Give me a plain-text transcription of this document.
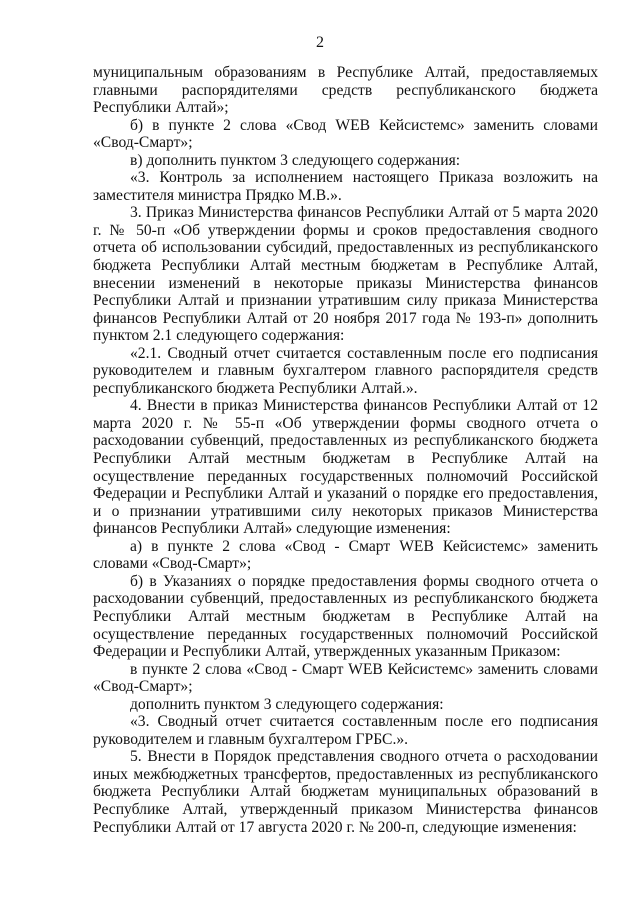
2

муниципальным образованиям в Республике Алтай, предоставляемых главными распорядителями средств республиканского бюджета Республики Алтай»;

б) в пункте 2 слова «Свод WEB Кейсистемс» заменить словами «Свод-Смарт»;

в) дополнить пунктом 3 следующего содержания:

«3. Контроль за исполнением настоящего Приказа возложить на заместителя министра Прядко М.В.».

3. Приказ Министерства финансов Республики Алтай от 5 марта 2020 г. № 50-п «Об утверждении формы и сроков предоставления сводного отчета об использовании субсидий, предоставленных из республиканского бюджета Республики Алтай местным бюджетам в Республике Алтай, внесении изменений в некоторые приказы Министерства финансов Республики Алтай и признании утратившим силу приказа Министерства финансов Республики Алтай от 20 ноября 2017 года № 193-п» дополнить пунктом 2.1 следующего содержания:

«2.1. Сводный отчет считается составленным после его подписания руководителем и главным бухгалтером главного распорядителя средств республиканского бюджета Республики Алтай.».

4. Внести в приказ Министерства финансов Республики Алтай от 12 марта 2020 г. № 55-п «Об утверждении формы сводного отчета о расходовании субвенций, предоставленных из республиканского бюджета Республики Алтай местным бюджетам в Республике Алтай на осуществление переданных государственных полномочий Российской Федерации и Республики Алтай и указаний о порядке его предоставления, и о признании утратившими силу некоторых приказов Министерства финансов Республики Алтай» следующие изменения:

а) в пункте 2 слова «Свод - Смарт WEB Кейсистемс» заменить словами «Свод-Смарт»;

б) в Указаниях о порядке предоставления формы сводного отчета о расходовании субвенций, предоставленных из республиканского бюджета Республики Алтай местным бюджетам в Республике Алтай на осуществление переданных государственных полномочий Российской Федерации и Республики Алтай, утвержденных указанным Приказом:

в пункте 2 слова «Свод - Смарт WEB Кейсистемс» заменить словами «Свод-Смарт»;

дополнить пунктом 3 следующего содержания:

«3. Сводный отчет считается составленным после его подписания руководителем и главным бухгалтером ГРБС.».

5. Внести в Порядок представления сводного отчета о расходовании иных межбюджетных трансфертов, предоставленных из республиканского бюджета Республики Алтай бюджетам муниципальных образований в Республике Алтай, утвержденный приказом Министерства финансов Республики Алтай от 17 августа 2020 г. № 200-п, следующие изменения:
